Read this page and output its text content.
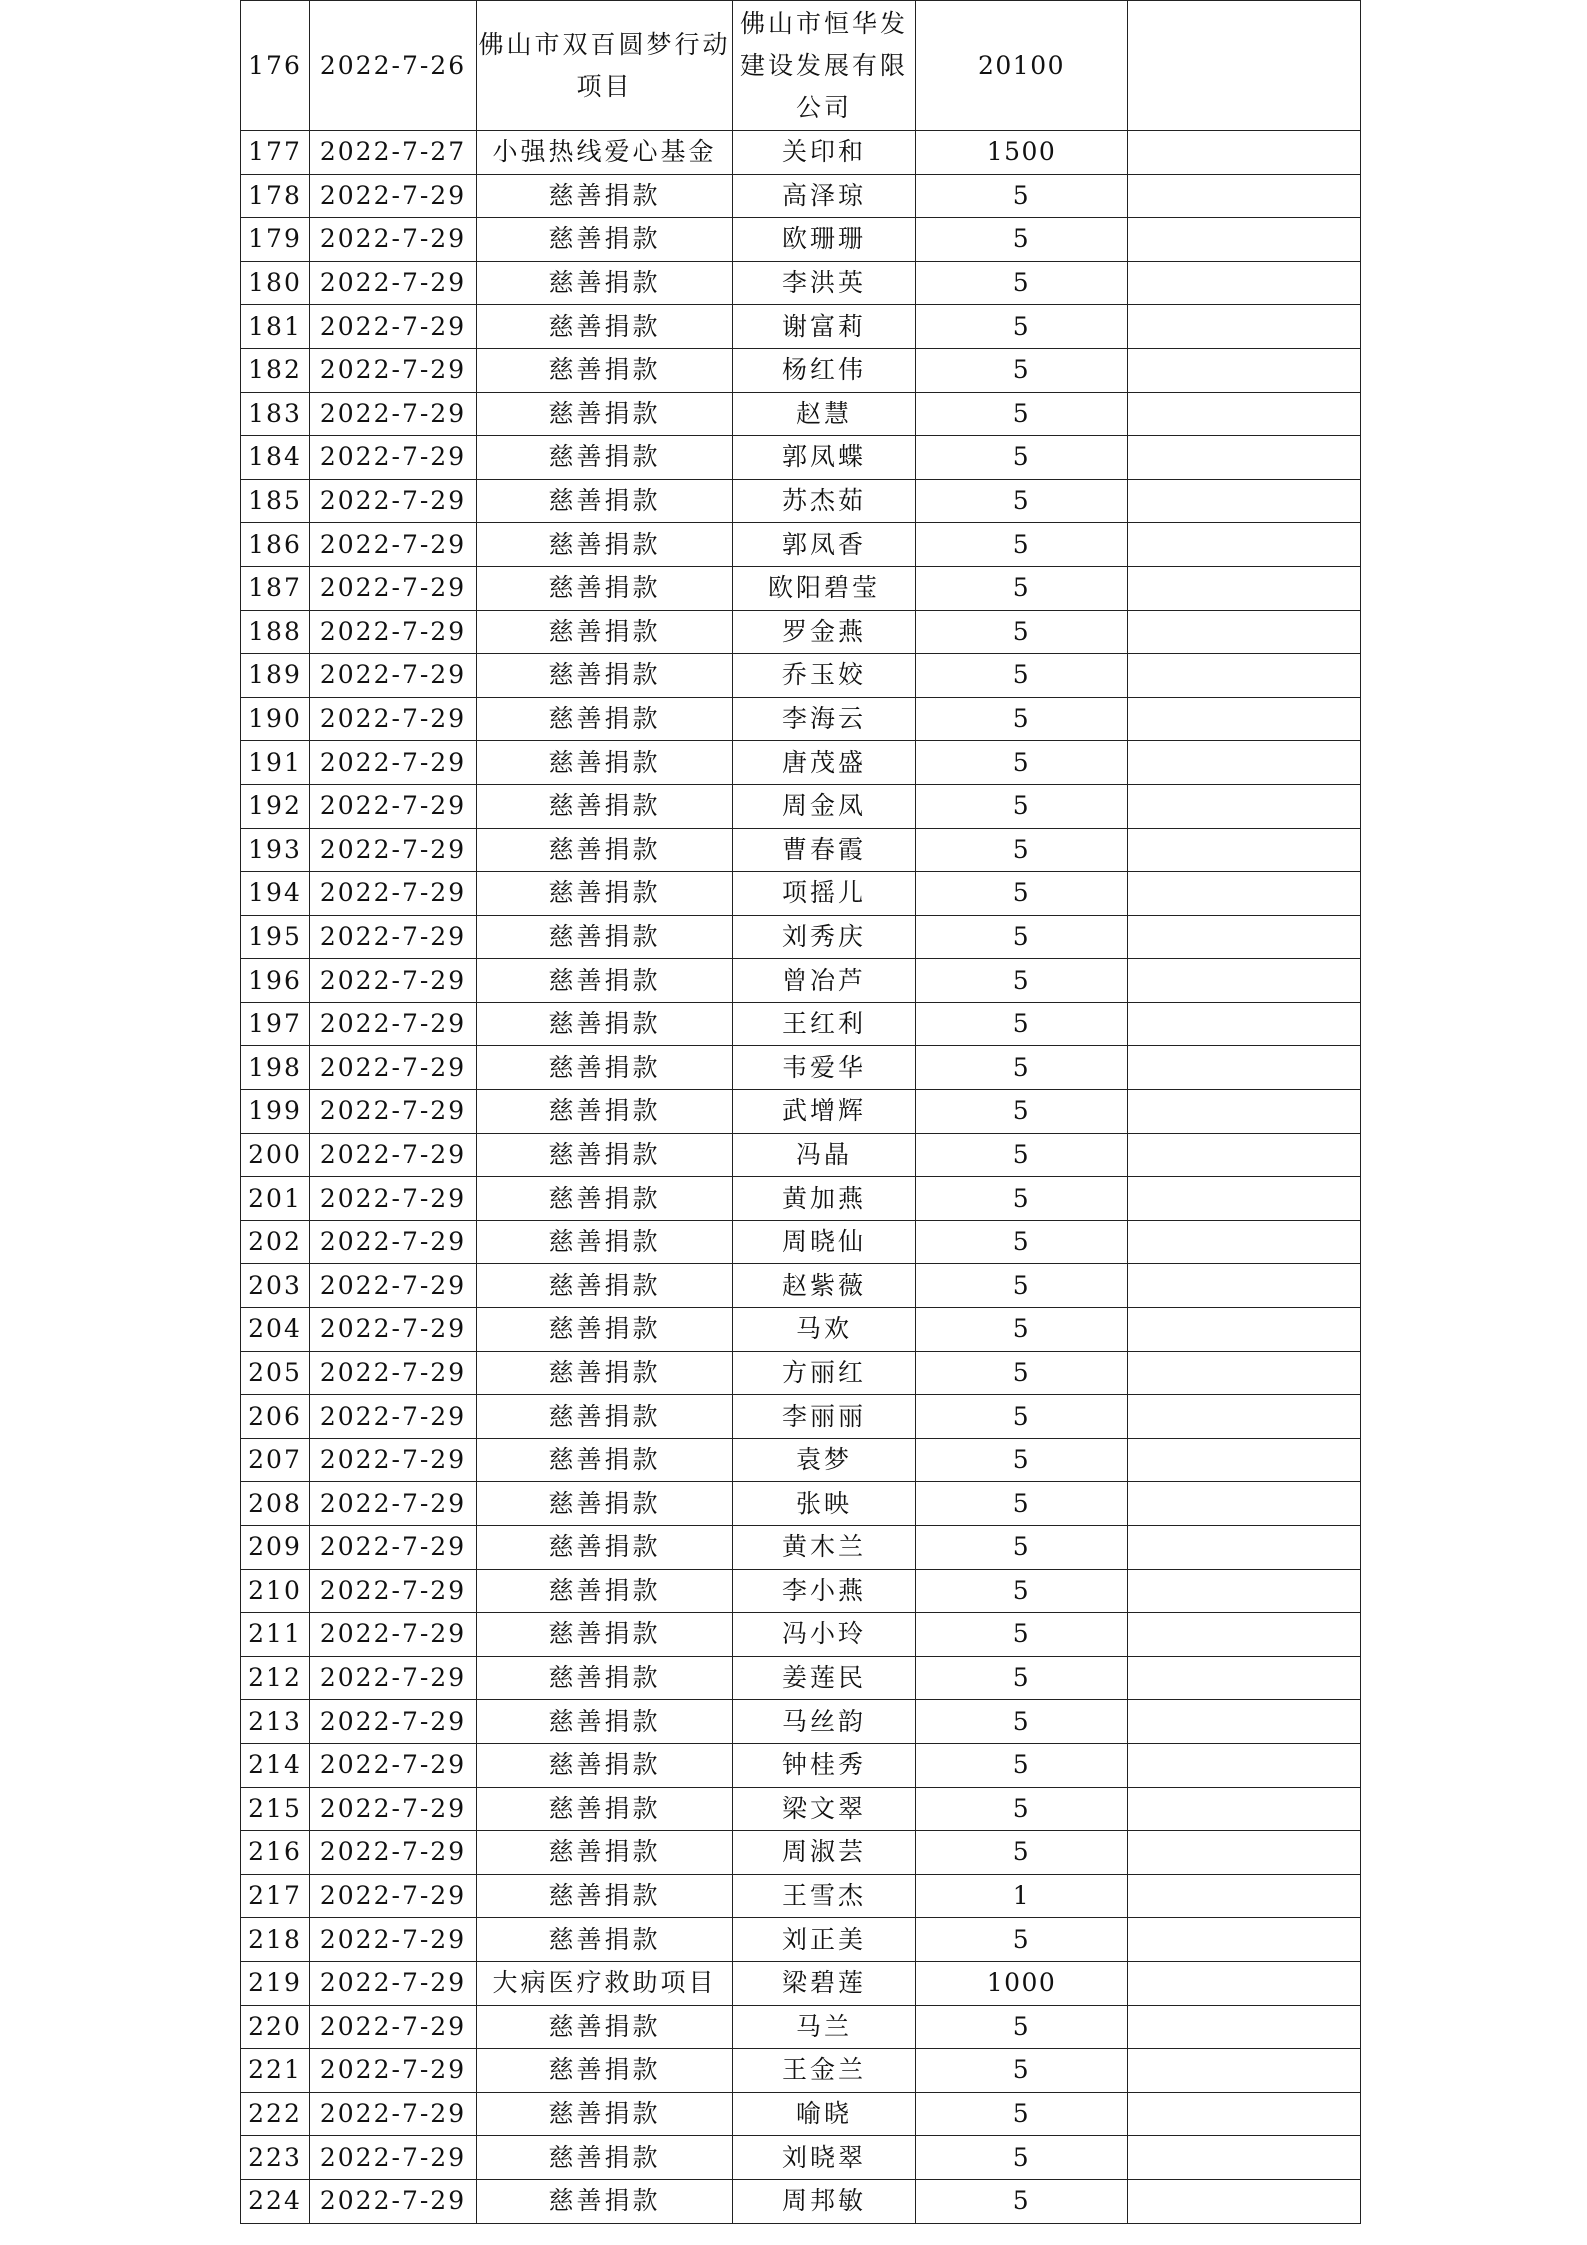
176	2022-7-26	佛山市双百圆梦行动项目	佛山市恒华发建设发展有限公司	20100	
177	2022-7-27	小强热线爱心基金	关印和	1500	
178	2022-7-29	慈善捐款	高泽琼	5	
179	2022-7-29	慈善捐款	欧珊珊	5	
180	2022-7-29	慈善捐款	李洪英	5	
181	2022-7-29	慈善捐款	谢富莉	5	
182	2022-7-29	慈善捐款	杨红伟	5	
183	2022-7-29	慈善捐款	赵慧	5	
184	2022-7-29	慈善捐款	郭凤蝶	5	
185	2022-7-29	慈善捐款	苏杰茹	5	
186	2022-7-29	慈善捐款	郭凤香	5	
187	2022-7-29	慈善捐款	欧阳碧莹	5	
188	2022-7-29	慈善捐款	罗金燕	5	
189	2022-7-29	慈善捐款	乔玉姣	5	
190	2022-7-29	慈善捐款	李海云	5	
191	2022-7-29	慈善捐款	唐茂盛	5	
192	2022-7-29	慈善捐款	周金凤	5	
193	2022-7-29	慈善捐款	曹春霞	5	
194	2022-7-29	慈善捐款	项摇儿	5	
195	2022-7-29	慈善捐款	刘秀庆	5	
196	2022-7-29	慈善捐款	曾冶芦	5	
197	2022-7-29	慈善捐款	王红利	5	
198	2022-7-29	慈善捐款	韦爱华	5	
199	2022-7-29	慈善捐款	武增辉	5	
200	2022-7-29	慈善捐款	冯晶	5	
201	2022-7-29	慈善捐款	黄加燕	5	
202	2022-7-29	慈善捐款	周晓仙	5	
203	2022-7-29	慈善捐款	赵紫薇	5	
204	2022-7-29	慈善捐款	马欢	5	
205	2022-7-29	慈善捐款	方丽红	5	
206	2022-7-29	慈善捐款	李丽丽	5	
207	2022-7-29	慈善捐款	袁梦	5	
208	2022-7-29	慈善捐款	张映	5	
209	2022-7-29	慈善捐款	黄木兰	5	
210	2022-7-29	慈善捐款	李小燕	5	
211	2022-7-29	慈善捐款	冯小玲	5	
212	2022-7-29	慈善捐款	姜莲民	5	
213	2022-7-29	慈善捐款	马丝韵	5	
214	2022-7-29	慈善捐款	钟桂秀	5	
215	2022-7-29	慈善捐款	梁文翠	5	
216	2022-7-29	慈善捐款	周淑芸	5	
217	2022-7-29	慈善捐款	王雪杰	1	
218	2022-7-29	慈善捐款	刘正美	5	
219	2022-7-29	大病医疗救助项目	梁碧莲	1000	
220	2022-7-29	慈善捐款	马兰	5	
221	2022-7-29	慈善捐款	王金兰	5	
222	2022-7-29	慈善捐款	喻晓	5	
223	2022-7-29	慈善捐款	刘晓翠	5	
224	2022-7-29	慈善捐款	周邦敏	5	
